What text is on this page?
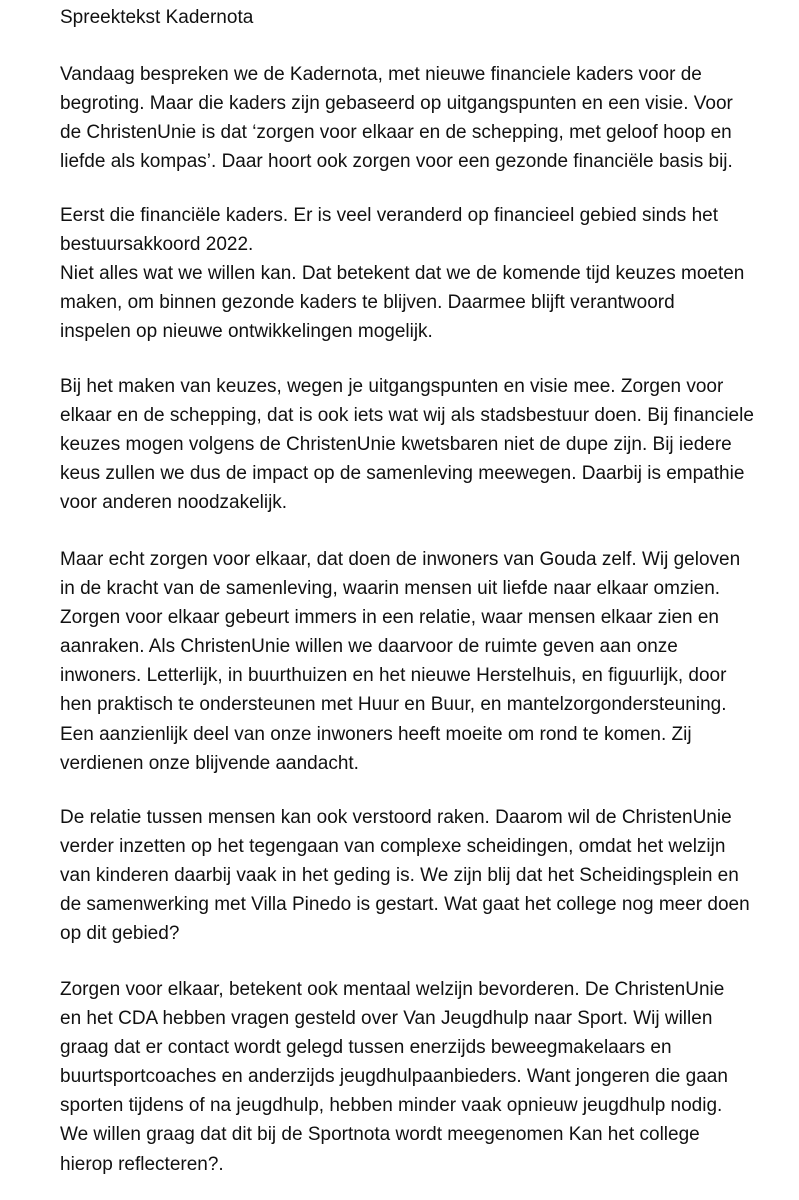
Spreektekst Kadernota
Vandaag bespreken we de Kadernota, met nieuwe financiele kaders voor de
begroting. Maar die kaders zijn gebaseerd op uitgangspunten en een visie. Voor
de ChristenUnie is dat ‘zorgen voor elkaar en de schepping, met geloof hoop en
liefde als kompas’. Daar hoort ook zorgen voor een gezonde financiële basis bij.
Eerst die financiële kaders. Er is veel veranderd op financieel gebied sinds het
bestuursakkoord 2022.
Niet alles wat we willen kan. Dat betekent dat we de komende tijd keuzes moeten
maken, om binnen gezonde kaders te blijven. Daarmee blijft verantwoord
inspelen op nieuwe ontwikkelingen mogelijk.
Bij het maken van keuzes, wegen je uitgangspunten en visie mee. Zorgen voor
elkaar en de schepping, dat is ook iets wat wij als stadsbestuur doen. Bij financiele
keuzes mogen volgens de ChristenUnie kwetsbaren niet de dupe zijn. Bij iedere
keus zullen we dus de impact op de samenleving meewegen. Daarbij is empathie
voor anderen noodzakelijk.
Maar echt zorgen voor elkaar, dat doen de inwoners van Gouda zelf. Wij geloven
in de kracht van de samenleving, waarin mensen uit liefde naar elkaar omzien.
Zorgen voor elkaar gebeurt immers in een relatie, waar mensen elkaar zien en
aanraken. Als ChristenUnie willen we daarvoor de ruimte geven aan onze
inwoners. Letterlijk, in buurthuizen en het nieuwe Herstelhuis, en figuurlijk, door
hen praktisch te ondersteunen met Huur en Buur, en mantelzorgondersteuning.
Een aanzienlijk deel van onze inwoners heeft moeite om rond te komen. Zij
verdienen onze blijvende aandacht.
De relatie tussen mensen kan ook verstoord raken. Daarom wil de ChristenUnie
verder inzetten op het tegengaan van complexe scheidingen, omdat het welzijn
van kinderen daarbij vaak in het geding is. We zijn blij dat het Scheidingsplein en
de samenwerking met Villa Pinedo is gestart. Wat gaat het college nog meer doen
op dit gebied?
Zorgen voor elkaar, betekent ook mentaal welzijn bevorderen. De ChristenUnie
en het CDA hebben vragen gesteld over Van Jeugdhulp naar Sport. Wij willen
graag dat er contact wordt gelegd tussen enerzijds beweegmakelaars en
buurtsportcoaches en anderzijds jeugdhulpaanbieders. Want jongeren die gaan
sporten tijdens of na jeugdhulp, hebben minder vaak opnieuw jeugdhulp nodig.
We willen graag dat dit bij de Sportnota wordt meegenomen Kan het college
hierop reflecteren?.
